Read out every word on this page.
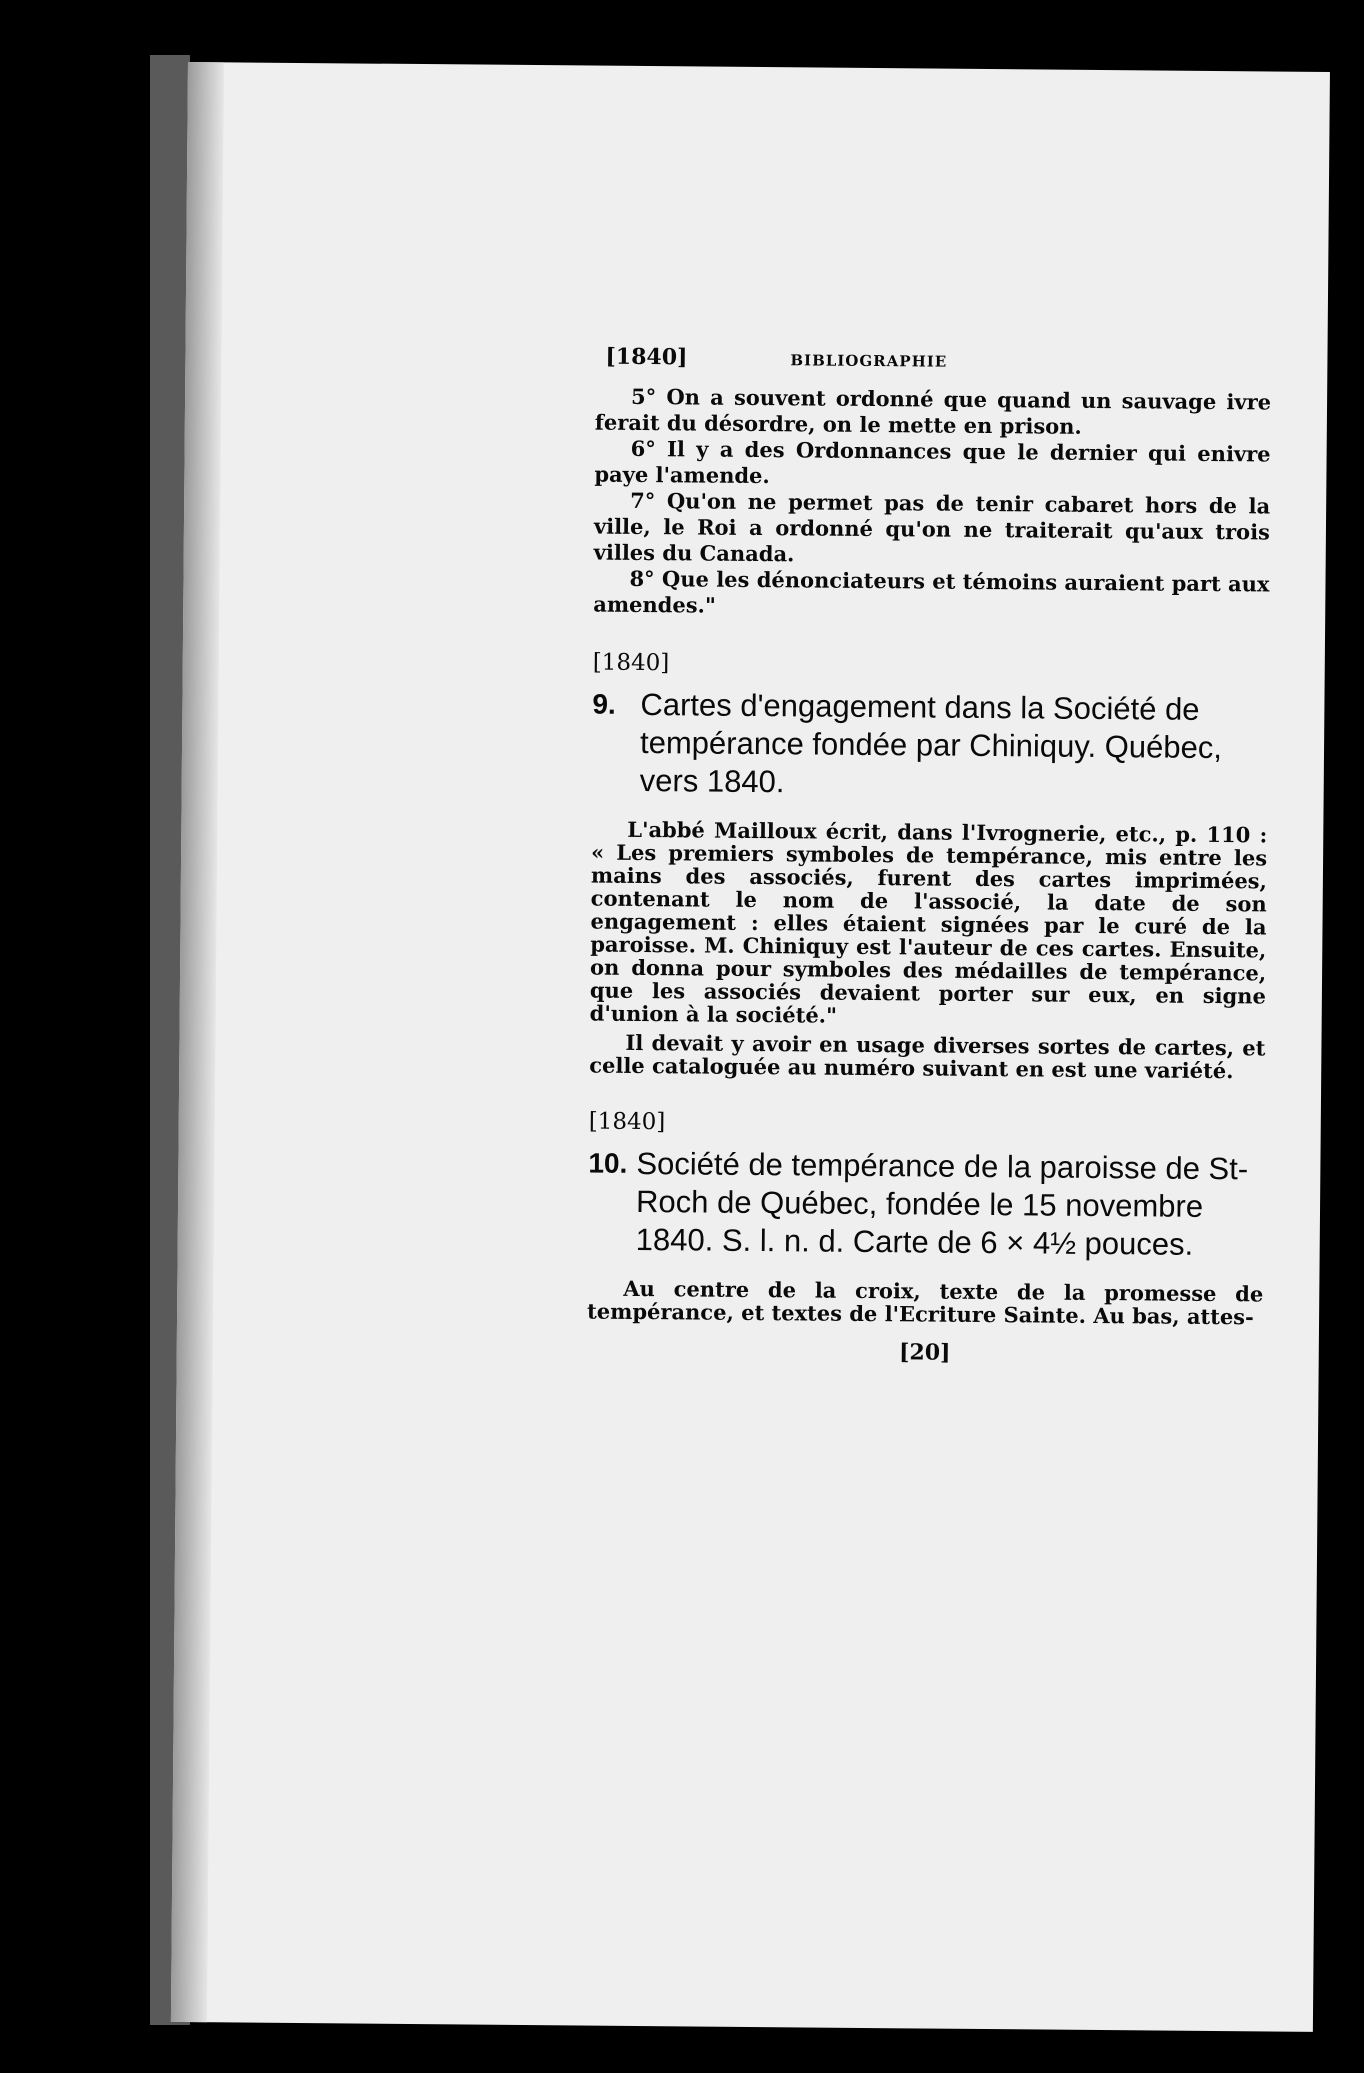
[1840]	BIBLIOGRAPHIE

5° On a souvent ordonné que quand un sauvage ivre ferait du désordre, on le mette en prison.

6° Il y a des Ordonnances que le dernier qui enivre paye l'amende.

7° Qu'on ne permet pas de tenir cabaret hors de la ville, le Roi a ordonné qu'on ne traiterait qu'aux trois villes du Canada.

8° Que les dénonciateurs et témoins auraient part aux amendes."

[1840]
9. Cartes d'engagement dans la Société de tempérance fondée par Chiniquy. Québec, vers 1840.

L'abbé Mailloux écrit, dans l'Ivrognerie, etc., p. 110 : « Les premiers symboles de tempérance, mis entre les mains des associés, furent des cartes imprimées, contenant le nom de l'associé, la date de son engagement : elles étaient signées par le curé de la paroisse. M. Chiniquy est l'auteur de ces cartes. Ensuite, on donna pour symboles des médailles de tempérance, que les associés devaient porter sur eux, en signe d'union à la société."

Il devait y avoir en usage diverses sortes de cartes, et celle cataloguée au numéro suivant en est une variété.

[1840]
10. Société de tempérance de la paroisse de St-Roch de Québec, fondée le 15 novembre 1840. S. l. n. d. Carte de 6 × 4½ pouces.

Au centre de la croix, texte de la promesse de tempérance, et textes de l'Ecriture Sainte. Au bas, attes-

[20]
